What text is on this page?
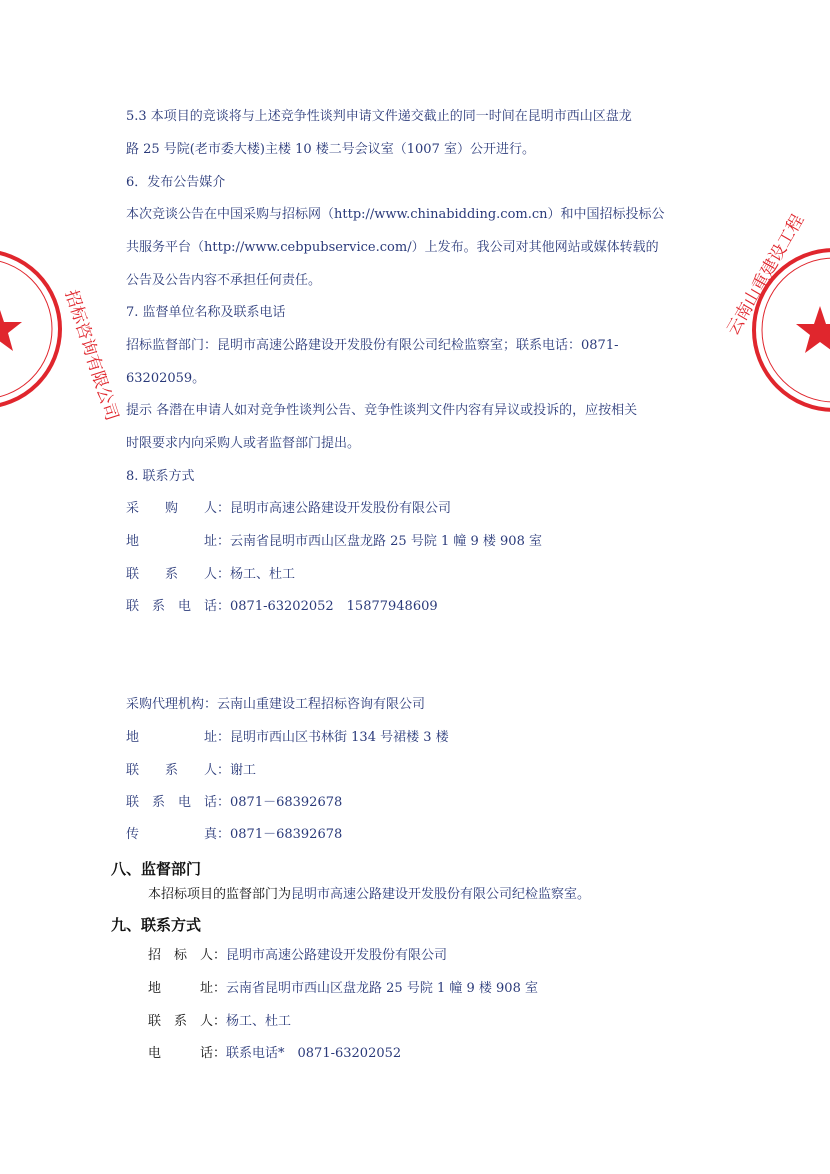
招标咨询有限公司
云南山重建设工程
5.3 本项目的竞谈将与上述竞争性谈判申请文件递交截止的同一时间在昆明市西山区盘龙
路 25 号院(老市委大楼)主楼 10 楼二号会议室（1007 室）公开进行。
6．发布公告媒介
本次竞谈公告在中国采购与招标网（http://www.chinabidding.com.cn）和中国招标投标公
共服务平台（http://www.cebpubservice.com/）上发布。我公司对其他网站或媒体转载的
公告及公告内容不承担任何责任。
7. 监督单位名称及联系电话
招标监督部门：昆明市高速公路建设开发股份有限公司纪检监察室；联系电话：0871-
63202059。
提示 各潜在申请人如对竞争性谈判公告、竞争性谈判文件内容有异议或投诉的，应按相关
时限要求内向采购人或者监督部门提出。
8. 联系方式
采　　购　　人：昆明市高速公路建设开发股份有限公司
地　　　　　址：云南省昆明市西山区盘龙路 25 号院 1 幢 9 楼 908 室
联　　系　　人：杨工、杜工
联　系　电　话：0871-63202052　15877948609
采购代理机构：云南山重建设工程招标咨询有限公司
地　　　　　址：昆明市西山区书林街 134 号裙楼 3 楼
联　　系　　人：谢工
联　系　电　话：0871－68392678
传　　　　　真：0871－68392678
八、监督部门
本招标项目的监督部门为昆明市高速公路建设开发股份有限公司纪检监察室。
九、联系方式
招　标　人：昆明市高速公路建设开发股份有限公司
地　　　址：云南省昆明市西山区盘龙路 25 号院 1 幢 9 楼 908 室
联　系　人：杨工、杜工
电　　　话：联系电话*　0871-63202052
